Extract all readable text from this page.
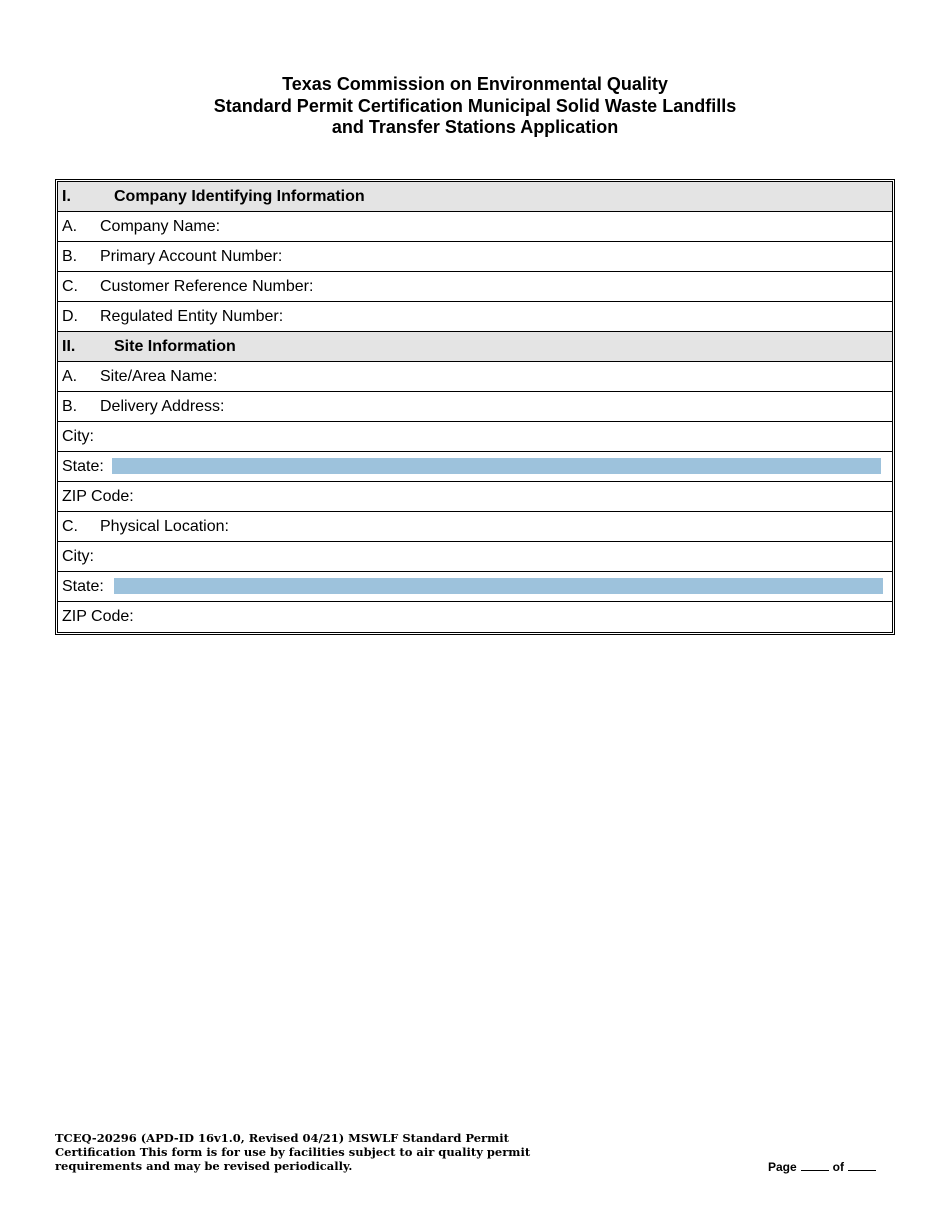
Texas Commission on Environmental Quality
Standard Permit Certification Municipal Solid Waste Landfills
and Transfer Stations Application
I.	Company Identifying Information
A.	Company Name:
B.	Primary Account Number:
C.	Customer Reference Number:
D.	Regulated Entity Number:
II.	Site Information
A.	Site/Area Name:
B.	Delivery Address:
City:
State:
ZIP Code:
C.	Physical Location:
City:
State:
ZIP Code:
TCEQ-20296 (APD-ID 16v1.0, Revised 04/21) MSWLF Standard Permit Certification This form is for use by facilities subject to air quality permit requirements and may be revised periodically.	Page	of
